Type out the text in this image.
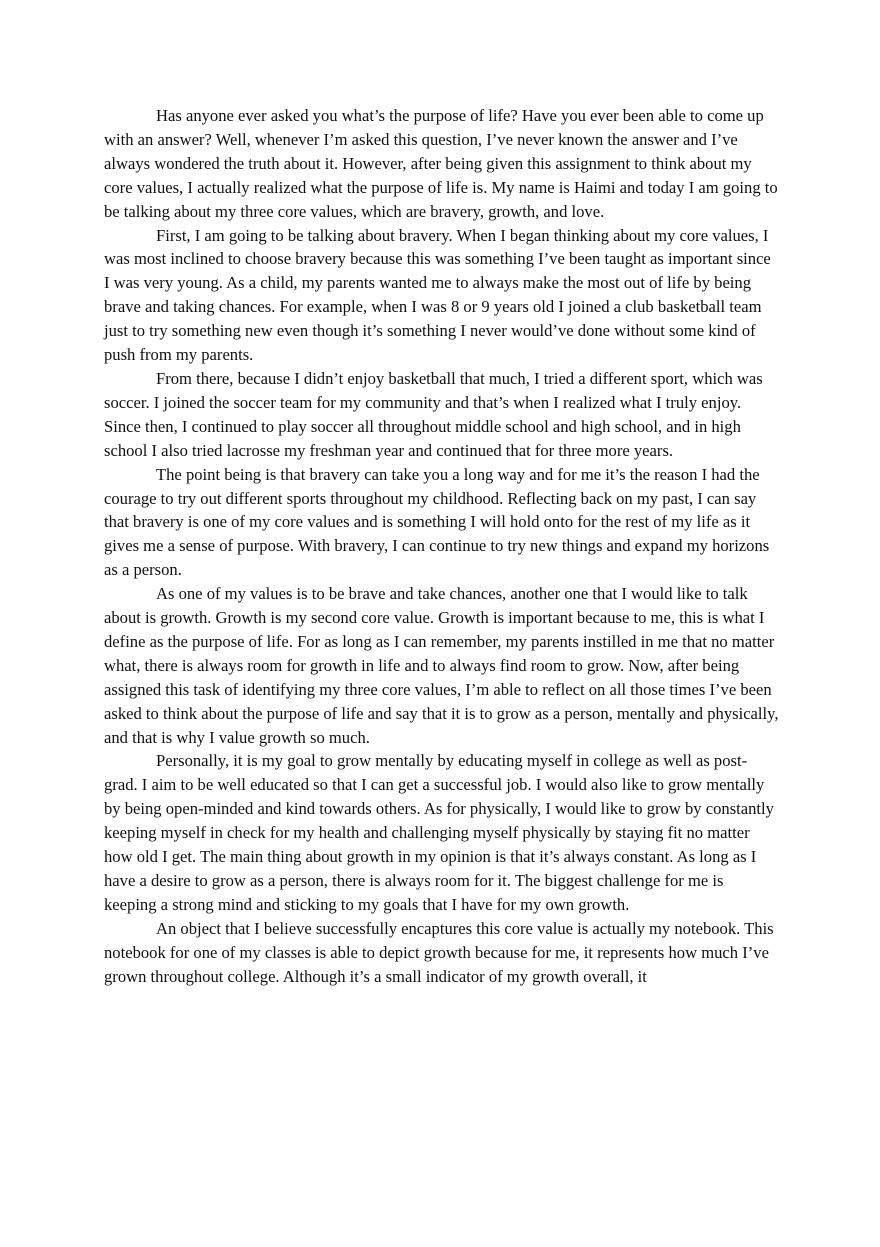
Has anyone ever asked you what’s the purpose of life? Have you ever been able to come up with an answer? Well, whenever I’m asked this question, I’ve never known the answer and I’ve always wondered the truth about it. However, after being given this assignment to think about my core values, I actually realized what the purpose of life is. My name is Haimi and today I am going to be talking about my three core values, which are bravery, growth, and love.

First, I am going to be talking about bravery. When I began thinking about my core values, I was most inclined to choose bravery because this was something I’ve been taught as important since I was very young. As a child, my parents wanted me to always make the most out of life by being brave and taking chances. For example, when I was 8 or 9 years old I joined a club basketball team just to try something new even though it’s something I never would’ve done without some kind of push from my parents.

From there, because I didn’t enjoy basketball that much, I tried a different sport, which was soccer. I joined the soccer team for my community and that’s when I realized what I truly enjoy. Since then, I continued to play soccer all throughout middle school and high school, and in high school I also tried lacrosse my freshman year and continued that for three more years.

The point being is that bravery can take you a long way and for me it’s the reason I had the courage to try out different sports throughout my childhood. Reflecting back on my past, I can say that bravery is one of my core values and is something I will hold onto for the rest of my life as it gives me a sense of purpose. With bravery, I can continue to try new things and expand my horizons as a person.

As one of my values is to be brave and take chances, another one that I would like to talk about is growth. Growth is my second core value. Growth is important because to me, this is what I define as the purpose of life. For as long as I can remember, my parents instilled in me that no matter what, there is always room for growth in life and to always find room to grow. Now, after being assigned this task of identifying my three core values, I’m able to reflect on all those times I’ve been asked to think about the purpose of life and say that it is to grow as a person, mentally and physically, and that is why I value growth so much.

Personally, it is my goal to grow mentally by educating myself in college as well as post-grad. I aim to be well educated so that I can get a successful job. I would also like to grow mentally by being open-minded and kind towards others. As for physically, I would like to grow by constantly keeping myself in check for my health and challenging myself physically by staying fit no matter how old I get. The main thing about growth in my opinion is that it’s always constant. As long as I have a desire to grow as a person, there is always room for it. The biggest challenge for me is keeping a strong mind and sticking to my goals that I have for my own growth.

An object that I believe successfully encaptures this core value is actually my notebook. This notebook for one of my classes is able to depict growth because for me, it represents how much I’ve grown throughout college. Although it’s a small indicator of my growth overall, it
